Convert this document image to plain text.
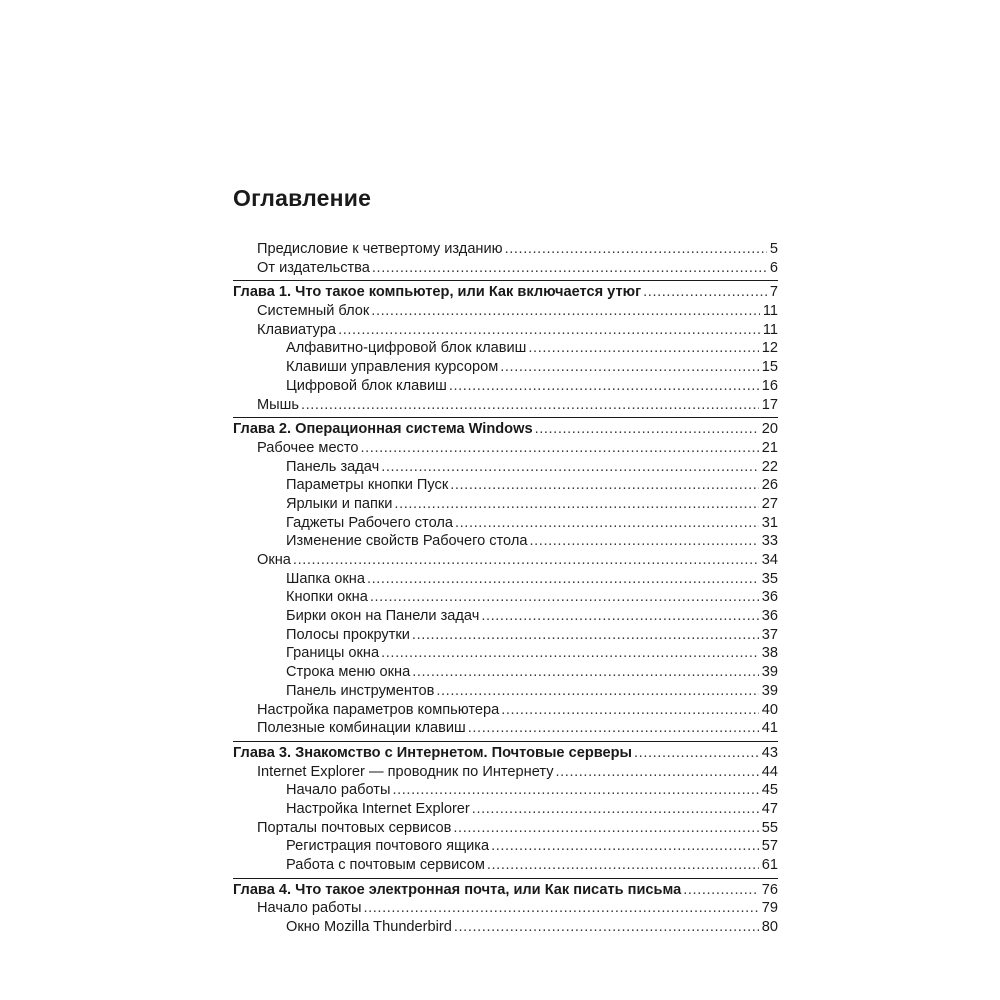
Оглавление
Предисловие к четвертому изданию .....	5
От издательства .....	6
Глава 1. Что такое компьютер, или Как включается утюг .....	7
Системный блок .....	11
Клавиатура .....	11
Алфавитно-цифровой блок клавиш .....	12
Клавиши управления курсором .....	15
Цифровой блок клавиш .....	16
Мышь .....	17
Глава 2. Операционная система Windows .....	20
Рабочее место .....	21
Панель задач .....	22
Параметры кнопки Пуск .....	26
Ярлыки и папки .....	27
Гаджеты Рабочего стола .....	31
Изменение свойств Рабочего стола .....	33
Окна .....	34
Шапка окна .....	35
Кнопки окна .....	36
Бирки окон на Панели задач .....	36
Полосы прокрутки .....	37
Границы окна .....	38
Строка меню окна .....	39
Панель инструментов .....	39
Настройка параметров компьютера .....	40
Полезные комбинации клавиш .....	41
Глава 3. Знакомство с Интернетом. Почтовые серверы .....	43
Internet Explorer — проводник по Интернету .....	44
Начало работы .....	45
Настройка Internet Explorer .....	47
Порталы почтовых сервисов .....	55
Регистрация почтового ящика .....	57
Работа с почтовым сервисом .....	61
Глава 4. Что такое электронная почта, или Как писать письма .....	76
Начало работы .....	79
Окно Mozilla Thunderbird .....	80
